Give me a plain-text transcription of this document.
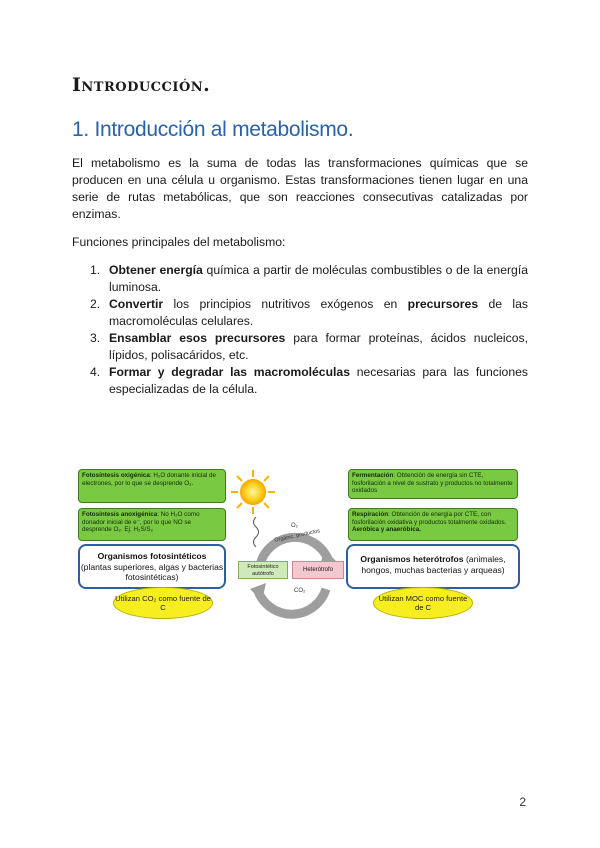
Introducción.
1. Introducción al metabolismo.

El metabolismo es la suma de todas las transformaciones químicas que se producen en una célula u organismo. Estas transformaciones tienen lugar en una serie de rutas metabólicas, que son reacciones consecutivas catalizadas por enzimas.

Funciones principales del metabolismo:

1. Obtener energía química a partir de moléculas combustibles o de la energía luminosa.
2. Convertir los principios nutritivos exógenos en precursores de las macromoléculas celulares.
3. Ensamblar esos precursores para formar proteínas, ácidos nucleicos, lípidos, polisacáridos, etc.
4. Formar y degradar las macromoléculas necesarias para las funciones especializadas de la célula.
Fotosíntesis oxigénica: H₂O donante inicial de electrones, por lo que se desprende O₂.
Fotosíntesis anoxigénica: No H₂O como donador inicial de e⁻, por lo que NO se desprende O₂. Ej: H₂S/S₂
Organismos fotosintéticos
(plantas superiores, algas y bacterias fotosintéticas)
Utilizan CO₂ como fuente de C
O₂
Orgánic. productos
CO₂
Fotosintético autótrofo
Heterótrofo
Fermentación: Obtención de energía sin CTE, fosforilación a nivel de sustrato y productos no totalmente oxidados
Respiración: Obtención de energía por CTE, con fosforilación oxidativa y productos totalmente oxidados. Aeróbica y anaeróbica.
Organismos heterótrofos (animales, hongos, muchas bacterias y arqueas)
Utilizan MOC como fuente de C
2
